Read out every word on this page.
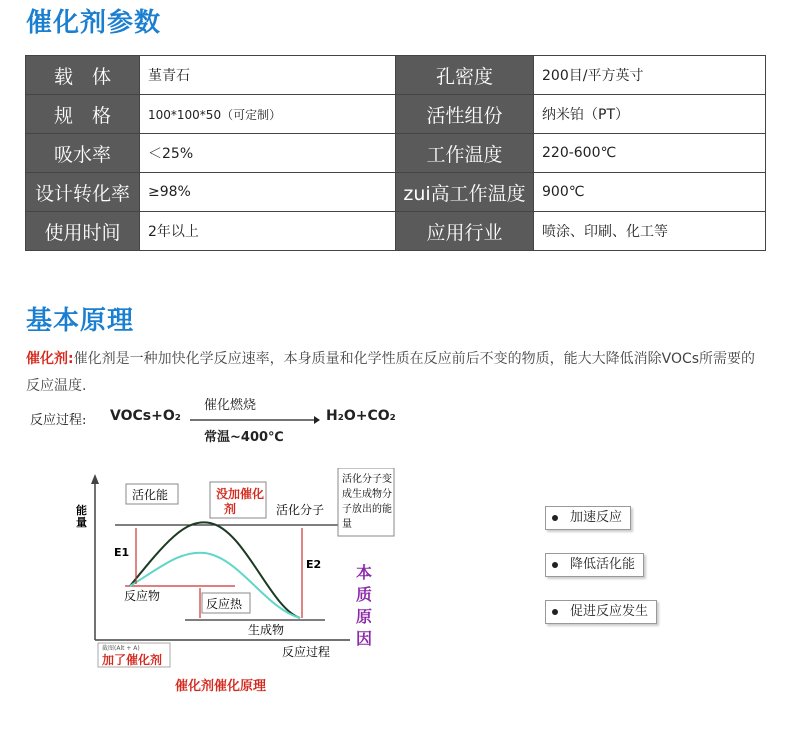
催化剂参数
载　体	堇青石	孔密度	200目/平方英寸
规　格	100*100*50（可定制）	活性组份	纳米铂（PT）
吸水率	＜25%	工作温度	220-600℃
设计转化率	≥98%	zui高工作温度	900℃
使用时间	2年以上	应用行业	喷涂、印刷、化工等
基本原理
催化剂:催化剂是一种加快化学反应速率，本身质量和化学性质在反应前后不变的物质，能大大降低消除VOCs所需要的反应温度.
反应过程: VOCs+O₂
催化燃烧
常温~400℃
H₂O+CO₂
能
量
反应过程
E1
E2
活化能	没加催化
剂	活化分子
活化分子变成生成物分子放出的能量
反应物
反应热
生成物
截图(Alt + A)
加了催化剂
本质原因
催化剂催化原理
加速反应
降低活化能
促进反应发生
